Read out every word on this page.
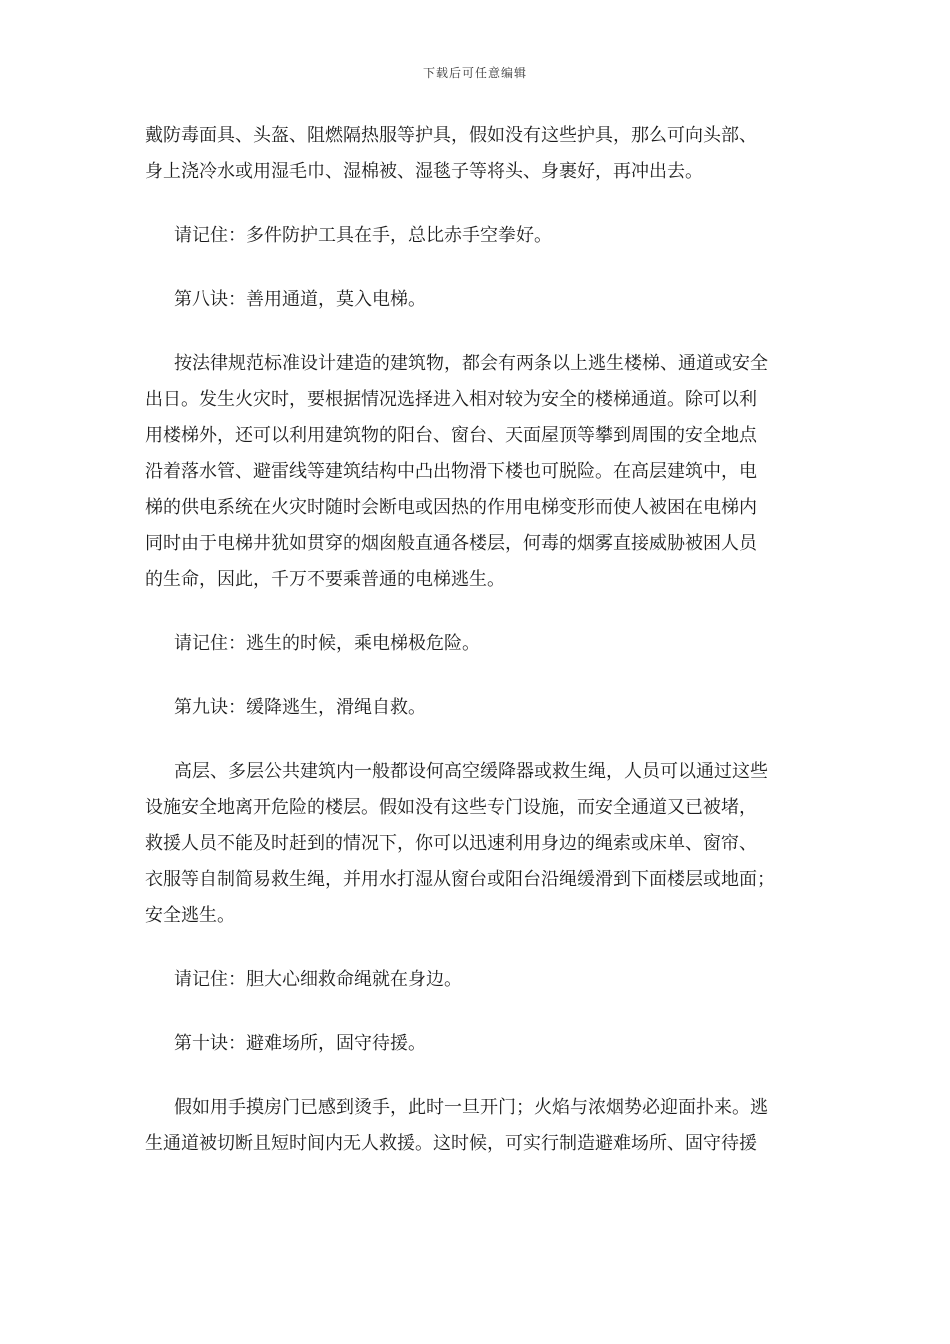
下载后可任意编辑

戴防毒面具、头盔、阻燃隔热服等护具，假如没有这些护具，那么可向头部、
身上浇冷水或用湿毛巾、湿棉被、湿毯子等将头、身裹好，再冲出去。

请记住：多件防护工具在手，总比赤手空拳好。

第八诀：善用通道，莫入电梯。

按法律规范标准设计建造的建筑物，都会有两条以上逃生楼梯、通道或安全
出日。发生火灾时，要根据情况选择进入相对较为安全的楼梯通道。除可以利
用楼梯外，还可以利用建筑物的阳台、窗台、天面屋顶等攀到周围的安全地点
沿着落水管、避雷线等建筑结构中凸出物滑下楼也可脱险。在高层建筑中，电
梯的供电系统在火灾时随时会断电或因热的作用电梯变形而使人被困在电梯内
同时由于电梯井犹如贯穿的烟囱般直通各楼层，何毒的烟雾直接威胁被困人员
的生命，因此，千万不要乘普通的电梯逃生。

请记住：逃生的时候，乘电梯极危险。

第九诀：缓降逃生，滑绳自救。

高层、多层公共建筑内一般都设何高空缓降器或救生绳，人员可以通过这些
设施安全地离开危险的楼层。假如没有这些专门设施，而安全通道又已被堵，
救援人员不能及时赶到的情况下，你可以迅速利用身边的绳索或床单、窗帘、
衣服等自制简易救生绳，并用水打湿从窗台或阳台沿绳缓滑到下面楼层或地面；
安全逃生。

请记住：胆大心细救命绳就在身边。

第十诀：避难场所，固守待援。

假如用手摸房门已感到烫手，此时一旦开门；火焰与浓烟势必迎面扑来。逃
生通道被切断且短时间内无人救援。这时候，可实行制造避难场所、固守待援
